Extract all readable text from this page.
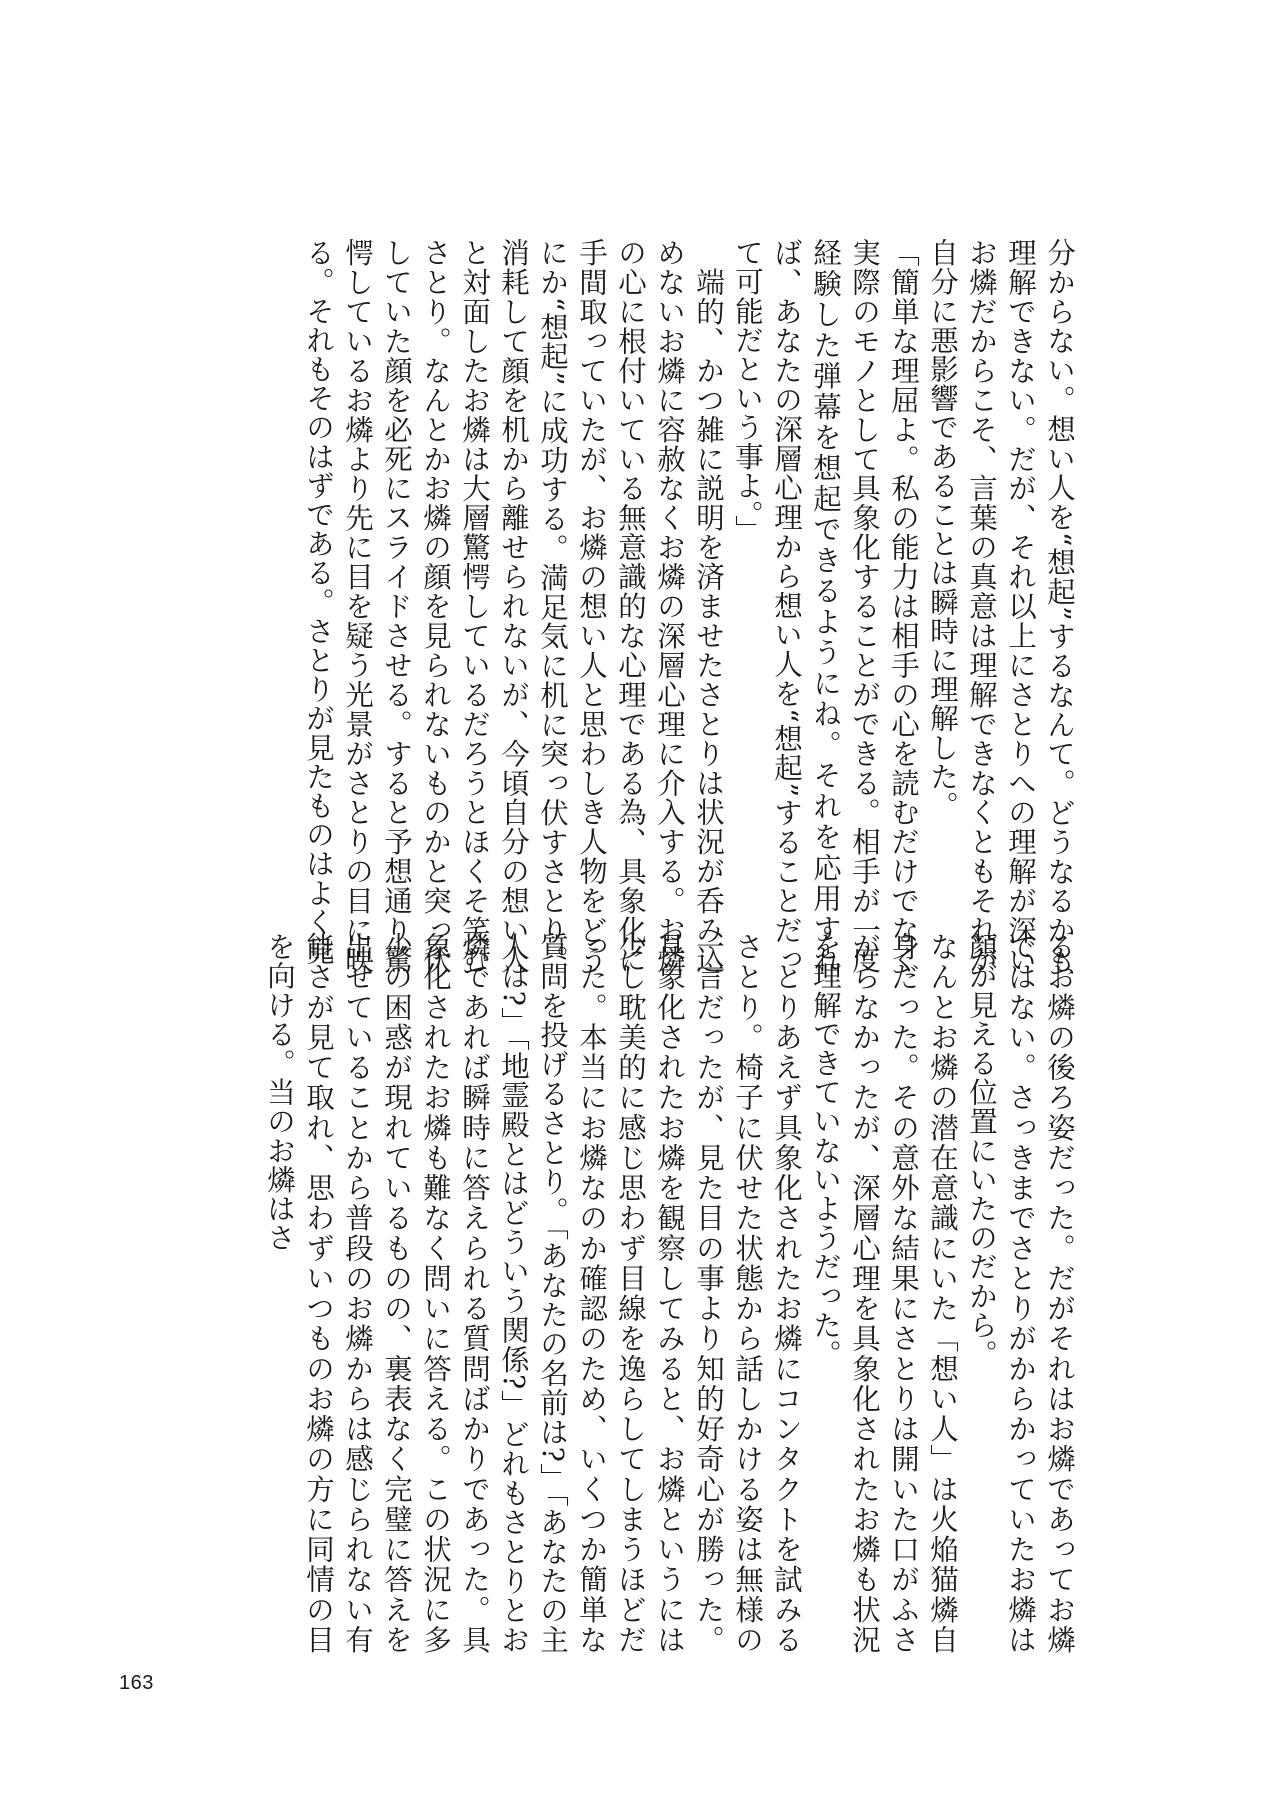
分からない。想い人を“想起”するなんて。どうなるかも理解できない。だが、それ以上にさとりへの理解が深いお燐だからこそ、言葉の真意は理解できなくともそれが自分に悪影響であることは瞬時に理解した。

「簡単な理屈よ。私の能力は相手の心を読むだけでなく実際のモノとして具象化することができる。相手が一度経験した弾幕を想起できるようにね。それを応用すれば、あなたの深層心理から想い人を“想起”することだって可能だという事よ。」

　端的、かつ雑に説明を済ませたさとりは状況が呑み込めないお燐に容赦なくお燐の深層心理に介入する。お燐の心に根付いている無意識的な心理である為、具象化に手間取っていたが、お燐の想い人と思わしき人物をどうにか“想起”に成功する。満足気に机に突っ伏すさとり。消耗して顔を机から離せられないが、今頃自分の想い人と対面したお燐は大層驚愕しているだろうとほくそ笑むさとり。なんとかお燐の顔を見られないものかと突っ伏していた顔を必死にスライドさせる。すると予想通り驚愕しているお燐より先に目を疑う光景がさとりの目に映る。それもそのはずである。さとりが見たものはよく見

るお燐の後ろ姿だった。だがそれはお燐であってお燐ではない。さっきまでさとりがからかっていたお燐は顔が見える位置にいたのだから。

なんとお燐の潜在意識にいた「想い人」は火焔猫燐自身だった。その意外な結果にさとりは開いた口がふさがらなかったが、深層心理を具象化されたお燐も状況を理解できていないようだった。

　とりあえず具象化されたお燐にコンタクトを試みるさとり。椅子に伏せた状態から話しかける姿は無様の一言だったが、見た目の事より知的好奇心が勝った。具象化されたお燐を観察してみると、お燐というには少し耽美的に感じ思わず目線を逸らしてしまうほどだった。本当にお燐なのか確認のため、いくつか簡単な質問を投げるさとり。「あなたの名前は?」「あなたの主人は?」「地霊殿とはどういう関係?」どれもさとりとお燐であれば瞬時に答えられる質問ばかりであった。具象化されたお燐も難なく問いに答える。この状況に多少の困惑が現れているものの、裏表なく完璧に答えを出せていることから普段のお燐からは感じられない有能さが見て取れ、思わずいつものお燐の方に同情の目を向ける。当のお燐はさ

163
